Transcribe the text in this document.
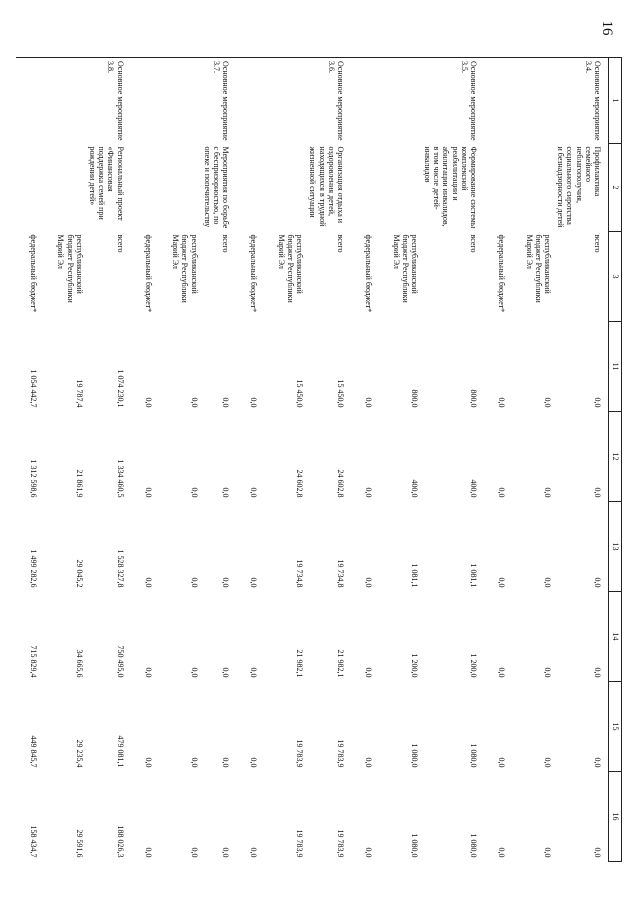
16
1	2	3	11	12	13	14	15	16
Основное мероприятие 3.4.	Профилактика семейного неблагополучия, социального сиротства и безнадзорности детей	всего	0,0	0,0	0,0	0,0	0,0	0,0
		республиканский бюджет Республики Марий Эл	0,0	0,0	0,0	0,0	0,0	0,0
		федеральный бюджет*	0,0	0,0	0,0	0,0	0,0	0,0
Основное мероприятие 3.5.	Формирование системы комплексной реабилитации и абилитации инвалидов, в том числе детей-инвалидов	всего	800,0	400,0	1 081,1	1 200,0	1 080,0	1 080,0
		республиканский бюджет Республики Марий Эл	800,0	400,0	1 081,1	1 200,0	1 080,0	1 080,0
		федеральный бюджет*	0,0	0,0	0,0	0,0	0,0	0,0
Основное мероприятие 3.6.	Организация отдыха и оздоровления детей, находящихся в трудной жизненной ситуации	всего	15 450,0	24 602,8	19 734,8	21 982,1	19 783,9	19 783,9
		республиканский бюджет Республики Марий Эл	15 450,0	24 602,8	19 734,8	21 982,1	19 783,9	19 783,9
		федеральный бюджет*	0,0	0,0	0,0	0,0	0,0	0,0
Основное мероприятие 3.7.	Мероприятия по борьбе с беспризорностью, по опеке и попечительству	всего	0,0	0,0	0,0	0,0	0,0	0,0
		республиканский бюджет Республики Марий Эл	0,0	0,0	0,0	0,0	0,0	0,0
		федеральный бюджет*	0,0	0,0	0,0	0,0	0,0	0,0
Основное мероприятие 3.8.	Региональный проект «Финансовая поддержка семей при рождении детей»	всего	1 074 230,1	1 334 460,5	1 528 327,8	750 495,0	479 081,1	188 026,3
		республиканский бюджет Республики Марий Эл	19 787,4	21 861,9	29 045,2	34 665,6	29 235,4	29 591,6
		федеральный бюджет*	1 054 442,7	1 312 598,6	1 499 282,6	715 829,4	449 845,7	158 434,7
